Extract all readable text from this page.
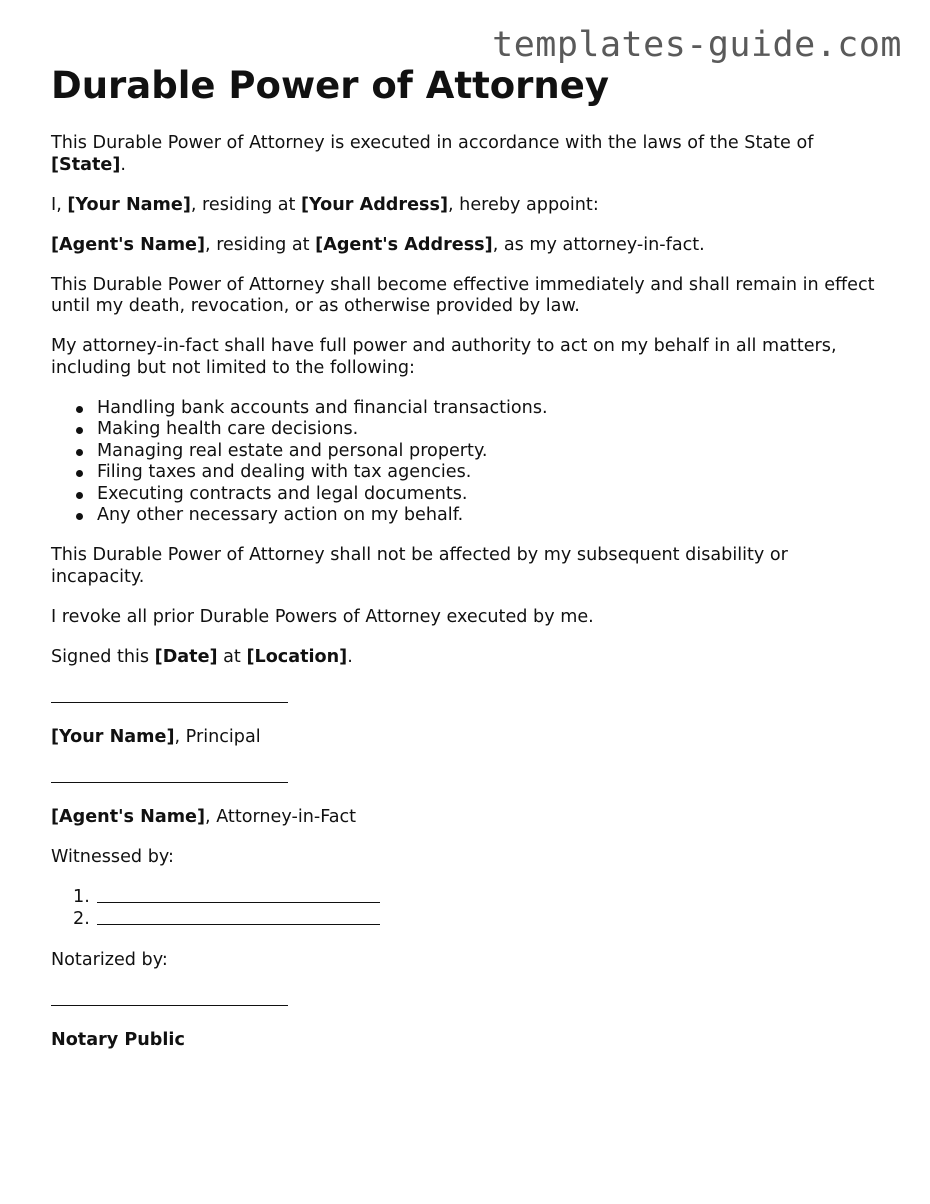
templates-guide.com
Durable Power of Attorney

This Durable Power of Attorney is executed in accordance with the laws of the State of [State].

I, [Your Name], residing at [Your Address], hereby appoint:

[Agent's Name], residing at [Agent's Address], as my attorney-in-fact.

This Durable Power of Attorney shall become effective immediately and shall remain in effect until my death, revocation, or as otherwise provided by law.

My attorney-in-fact shall have full power and authority to act on my behalf in all matters, including but not limited to the following:

Handling bank accounts and financial transactions.
Making health care decisions.
Managing real estate and personal property.
Filing taxes and dealing with tax agencies.
Executing contracts and legal documents.
Any other necessary action on my behalf.

This Durable Power of Attorney shall not be affected by my subsequent disability or incapacity.

I revoke all prior Durable Powers of Attorney executed by me.

Signed this [Date] at [Location].

[Your Name], Principal

[Agent's Name], Attorney-in-Fact

Witnessed by:

1.
2.

Notarized by:

Notary Public
